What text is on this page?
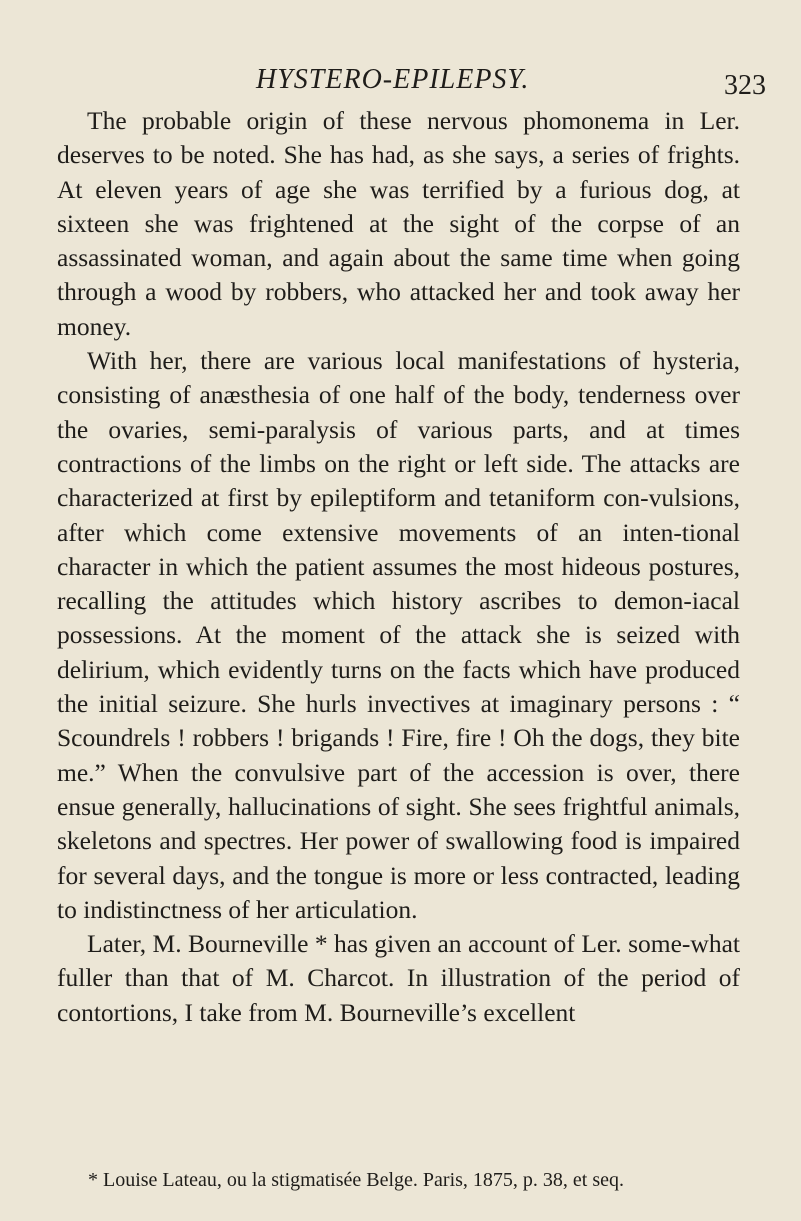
HYSTERO-EPILEPSY.	323

The probable origin of these nervous phomonema in Ler. deserves to be noted. She has had, as she says, a series of frights. At eleven years of age she was terrified by a furious dog, at sixteen she was frightened at the sight of the corpse of an assassinated woman, and again about the same time when going through a wood by robbers, who attacked her and took away her money.

With her, there are various local manifestations of hysteria, consisting of anæsthesia of one half of the body, tenderness over the ovaries, semi-paralysis of various parts, and at times contractions of the limbs on the right or left side. The attacks are characterized at first by epileptiform and tetaniform con-vulsions, after which come extensive movements of an inten-tional character in which the patient assumes the most hideous postures, recalling the attitudes which history ascribes to demon-iacal possessions. At the moment of the attack she is seized with delirium, which evidently turns on the facts which have produced the initial seizure. She hurls invectives at imaginary persons : “ Scoundrels ! robbers ! brigands ! Fire, fire ! Oh the dogs, they bite me.” When the convulsive part of the accession is over, there ensue generally, hallucinations of sight. She sees frightful animals, skeletons and spectres. Her power of swallowing food is impaired for several days, and the tongue is more or less contracted, leading to indistinctness of her articulation.

Later, M. Bourneville * has given an account of Ler. some-what fuller than that of M. Charcot. In illustration of the period of contortions, I take from M. Bourneville’s excellent

* Louise Lateau, ou la stigmatisée Belge. Paris, 1875, p. 38, et seq.
